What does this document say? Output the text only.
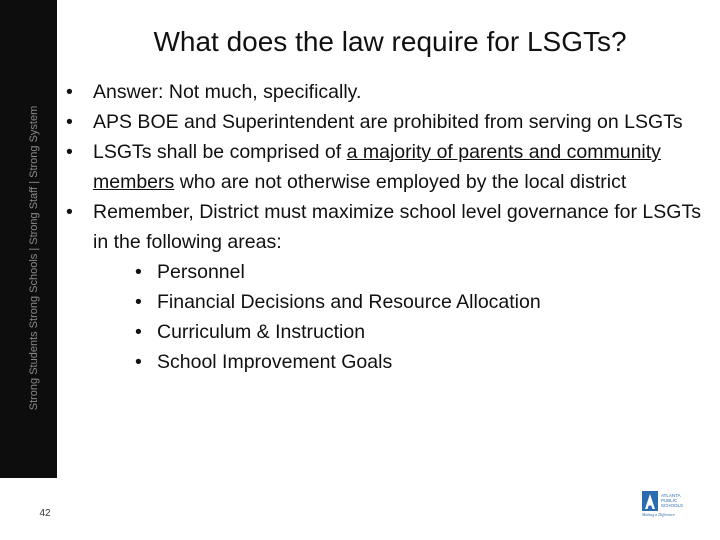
Strong Students Strong Schools | Strong Staff | Strong System
42
What does the law require for LSGTs?
• Answer: Not much, specifically.
• APS BOE and Superintendent are prohibited from serving on LSGTs
• LSGTs shall be comprised of a majority of parents and community members who are not otherwise employed by the local district
• Remember, District must maximize school level governance for LSGTs in the following areas:
• Personnel
• Financial Decisions and Resource Allocation
• Curriculum & Instruction
• School Improvement Goals
ATLANTA
PUBLIC
SCHOOLS
Making a Difference
